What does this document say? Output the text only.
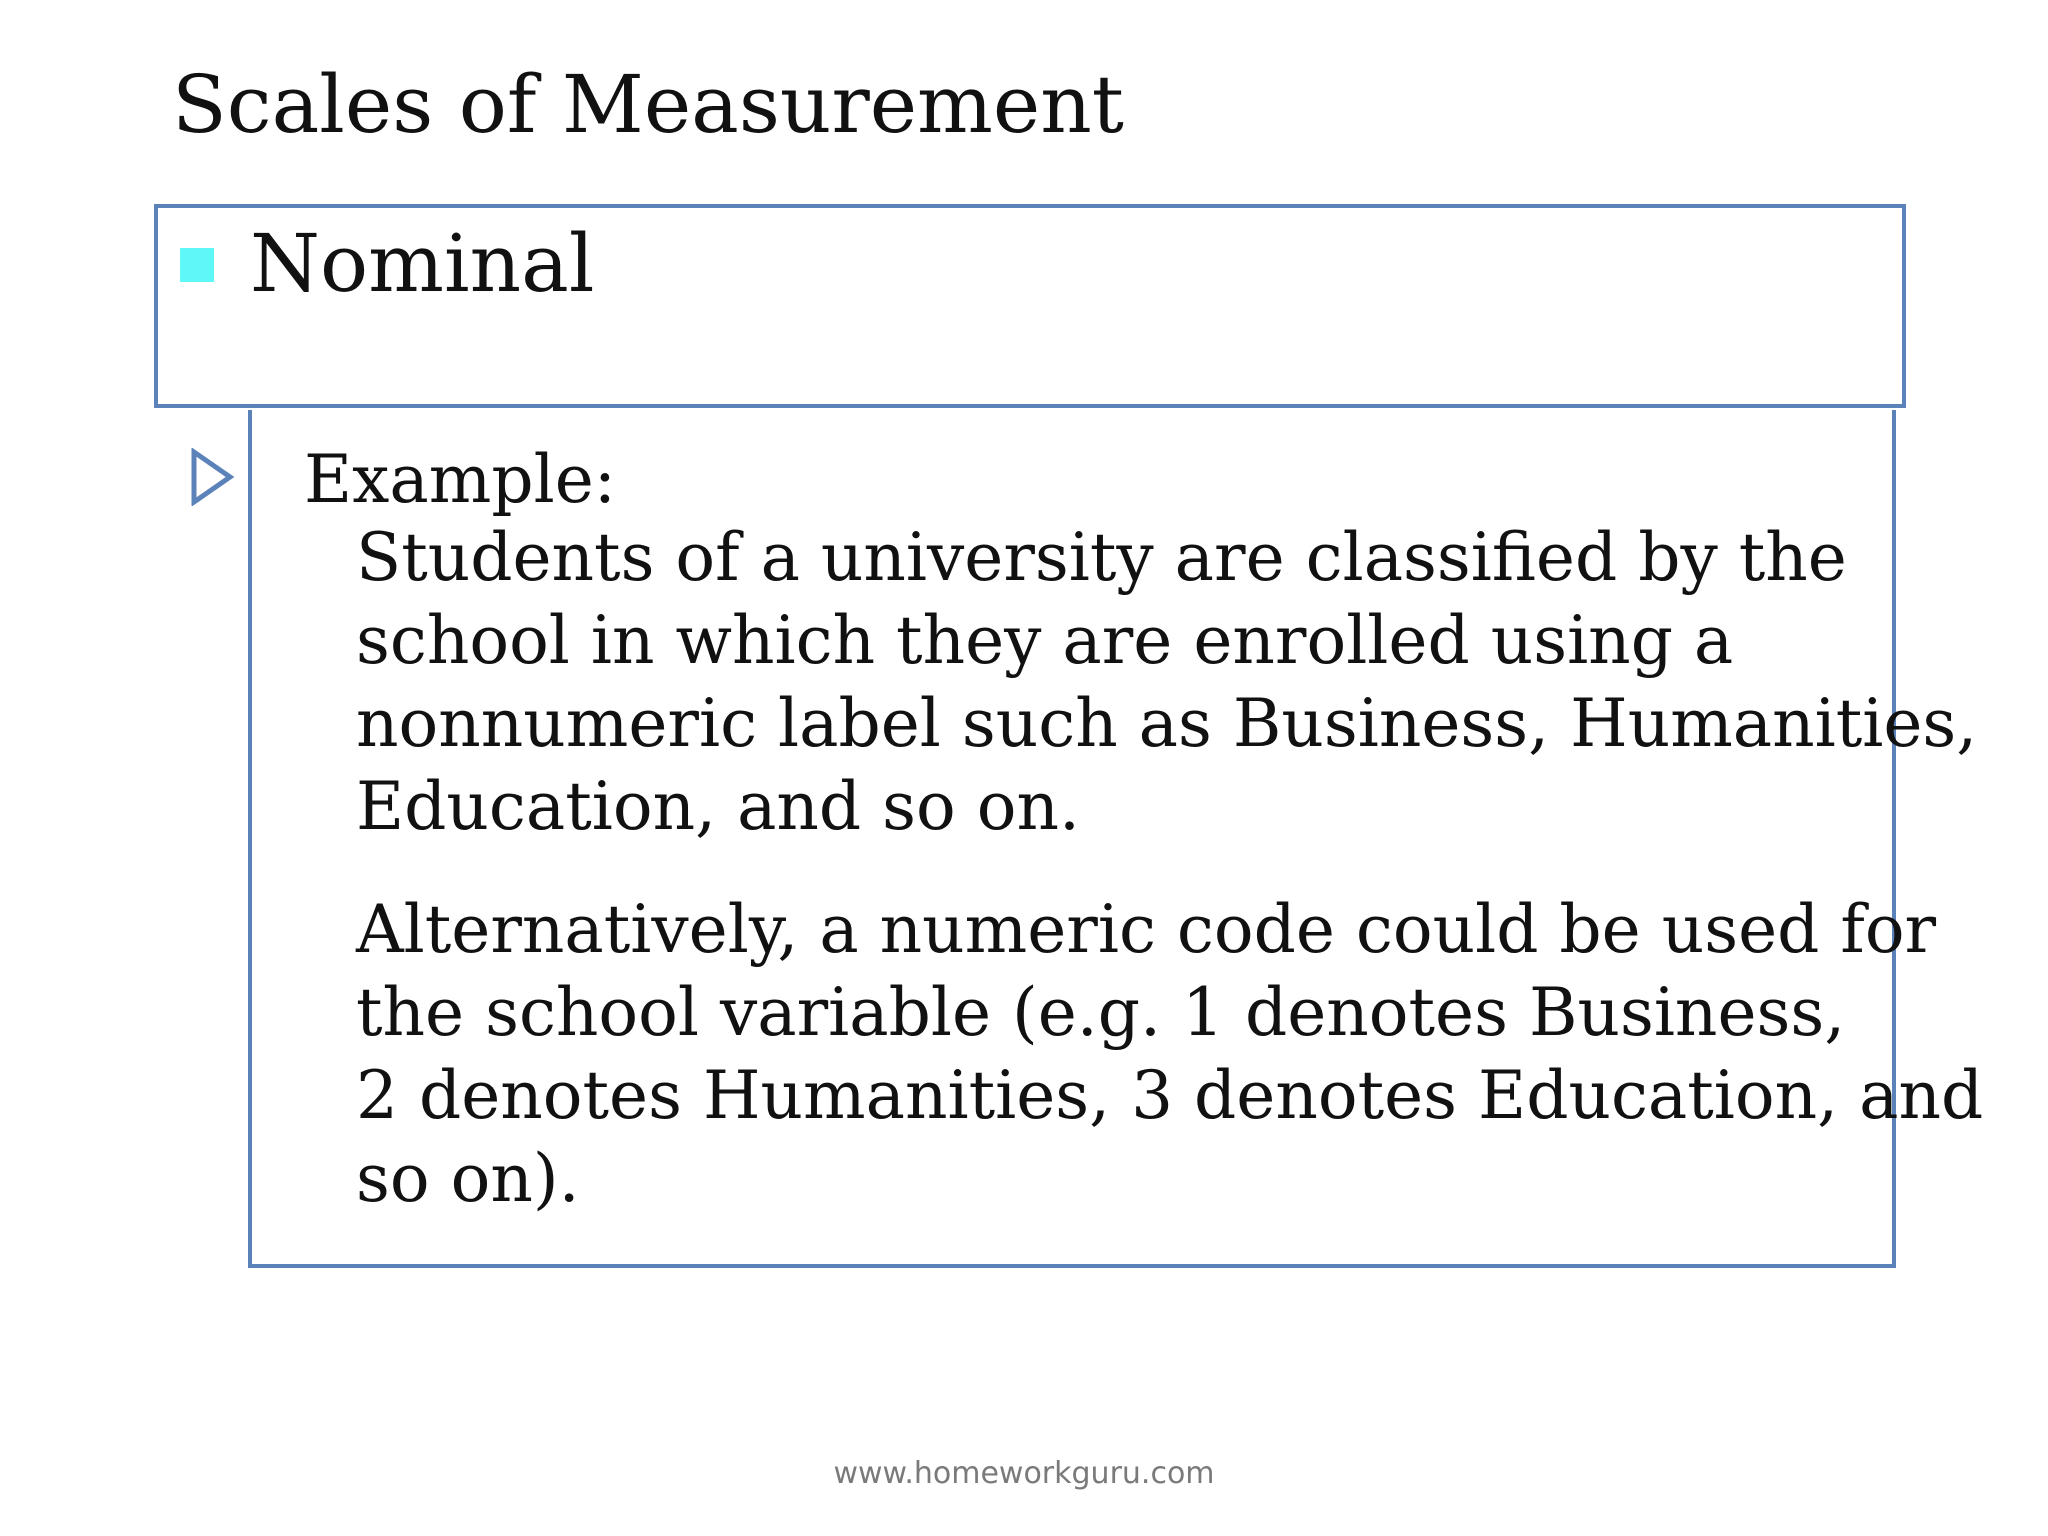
Scales of Measurement
Nominal
Example:
Students of a university are classified by the
school in which they are enrolled using a
nonnumeric label such as Business, Humanities,
Education, and so on.
Alternatively, a numeric code could be used for
the school variable (e.g. 1 denotes Business,
2 denotes Humanities, 3 denotes Education, and
so on).
www.homeworkguru.com
